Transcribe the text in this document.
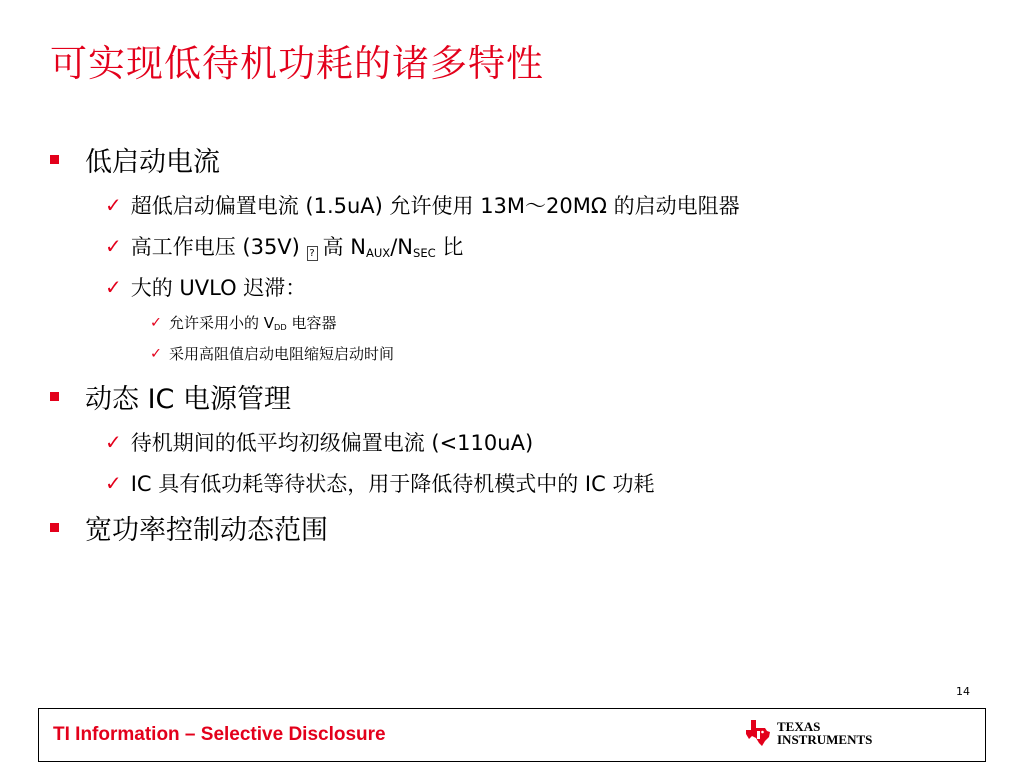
可实现低待机功耗的诸多特性
低启动电流
✓ 超低启动偏置电流 (1.5uA) 允许使用 13M～20MΩ 的启动电阻器
✓ 高工作电压 (35V) ? 高 $N_{AUX}/N_{SEC}$ 比
✓ 大的 UVLO 迟滞：
✓ 允许采用小的 $V_{DD}$ 电容器
✓ 采用高阻值启动电阻缩短启动时间
动态 IC 电源管理
✓ 待机期间的低平均初级偏置电流 (<110uA)
✓ IC 具有低功耗等待状态，用于降低待机模式中的 IC 功耗
宽功率控制动态范围
14
TI Information – Selective Disclosure	TEXAS
INSTRUMENTS
